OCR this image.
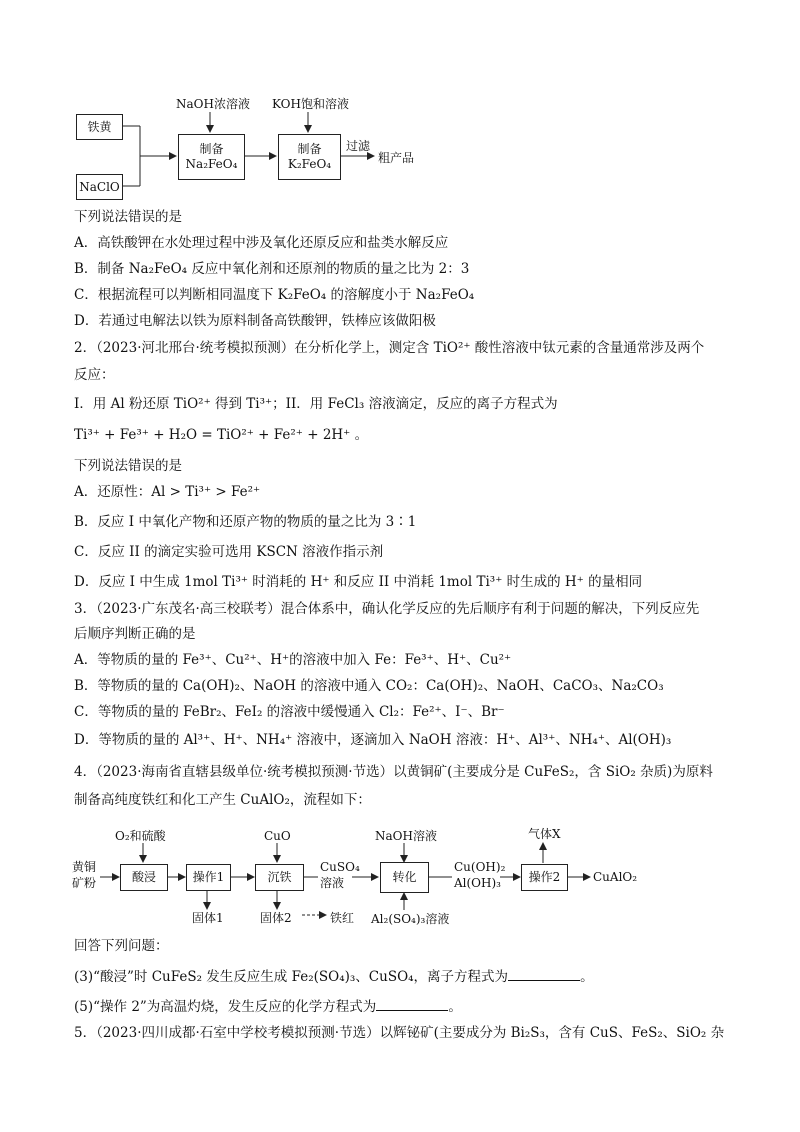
NaOH浓溶液 KOH饱和溶液
铁黄
NaClO
制备
Na₂FeO₄
制备
K₂FeO₄
过滤
粗产品
下列说法错误的是
A．高铁酸钾在水处理过程中涉及氧化还原反应和盐类水解反应
B．制备 Na₂FeO₄ 反应中氧化剂和还原剂的物质的量之比为 2：3
C．根据流程可以判断相同温度下 K₂FeO₄ 的溶解度小于 Na₂FeO₄
D．若通过电解法以铁为原料制备高铁酸钾，铁棒应该做阳极
2．（2023·河北邢台·统考模拟预测）在分析化学上，测定含 TiO²⁺ 酸性溶液中钛元素的含量通常涉及两个
反应：
I．用 Al 粉还原 TiO²⁺ 得到 Ti³⁺；II．用 FeCl₃ 溶液滴定，反应的离子方程式为
Ti³⁺ + Fe³⁺ + H₂O = TiO²⁺ + Fe²⁺ + 2H⁺ 。
下列说法错误的是
A．还原性：Al > Ti³⁺ > Fe²⁺
B．反应 I 中氧化产物和还原产物的物质的量之比为 3∶1
C．反应 II 的滴定实验可选用 KSCN 溶液作指示剂
D．反应 I 中生成 1mol Ti³⁺ 时消耗的 H⁺ 和反应 II 中消耗 1mol Ti³⁺ 时生成的 H⁺ 的量相同
3．（2023·广东茂名·高三校联考）混合体系中，确认化学反应的先后顺序有利于问题的解决，下列反应先
后顺序判断正确的是
A．等物质的量的 Fe³⁺、Cu²⁺、H⁺的溶液中加入 Fe：Fe³⁺、H⁺、Cu²⁺
B．等物质的量的 Ca(OH)₂、NaOH 的溶液中通入 CO₂：Ca(OH)₂、NaOH、CaCO₃、Na₂CO₃
C．等物质的量的 FeBr₂、FeI₂ 的溶液中缓慢通入 Cl₂：Fe²⁺、I⁻、Br⁻
D．等物质的量的 Al³⁺、H⁺、NH₄⁺ 溶液中，逐滴加入 NaOH 溶液：H⁺、Al³⁺、NH₄⁺、Al(OH)₃
4．（2023·海南省直辖县级单位·统考模拟预测·节选）以黄铜矿(主要成分是 CuFeS₂，含 SiO₂ 杂质)为原料
制备高纯度铁红和化工产生 CuAlO₂，流程如下：
黄铜
矿粉
O₂和硫酸
酸浸	操作1
固体1
CuO
沉铁
固体2	铁红
CuSO₄
溶液
NaOH溶液
转化
Al₂(SO₄)₃溶液
Cu(OH)₂
Al(OH)₃
气体X
操作2	CuAlO₂
回答下列问题：
(3)“酸浸”时 CuFeS₂ 发生反应生成 Fe₂(SO₄)₃、CuSO₄，离子方程式为	。
(5)“操作 2”为高温灼烧，发生反应的化学方程式为	。
5．（2023·四川成都·石室中学校考模拟预测·节选）以辉铋矿(主要成分为 Bi₂S₃，含有 CuS、FeS₂、SiO₂ 杂
